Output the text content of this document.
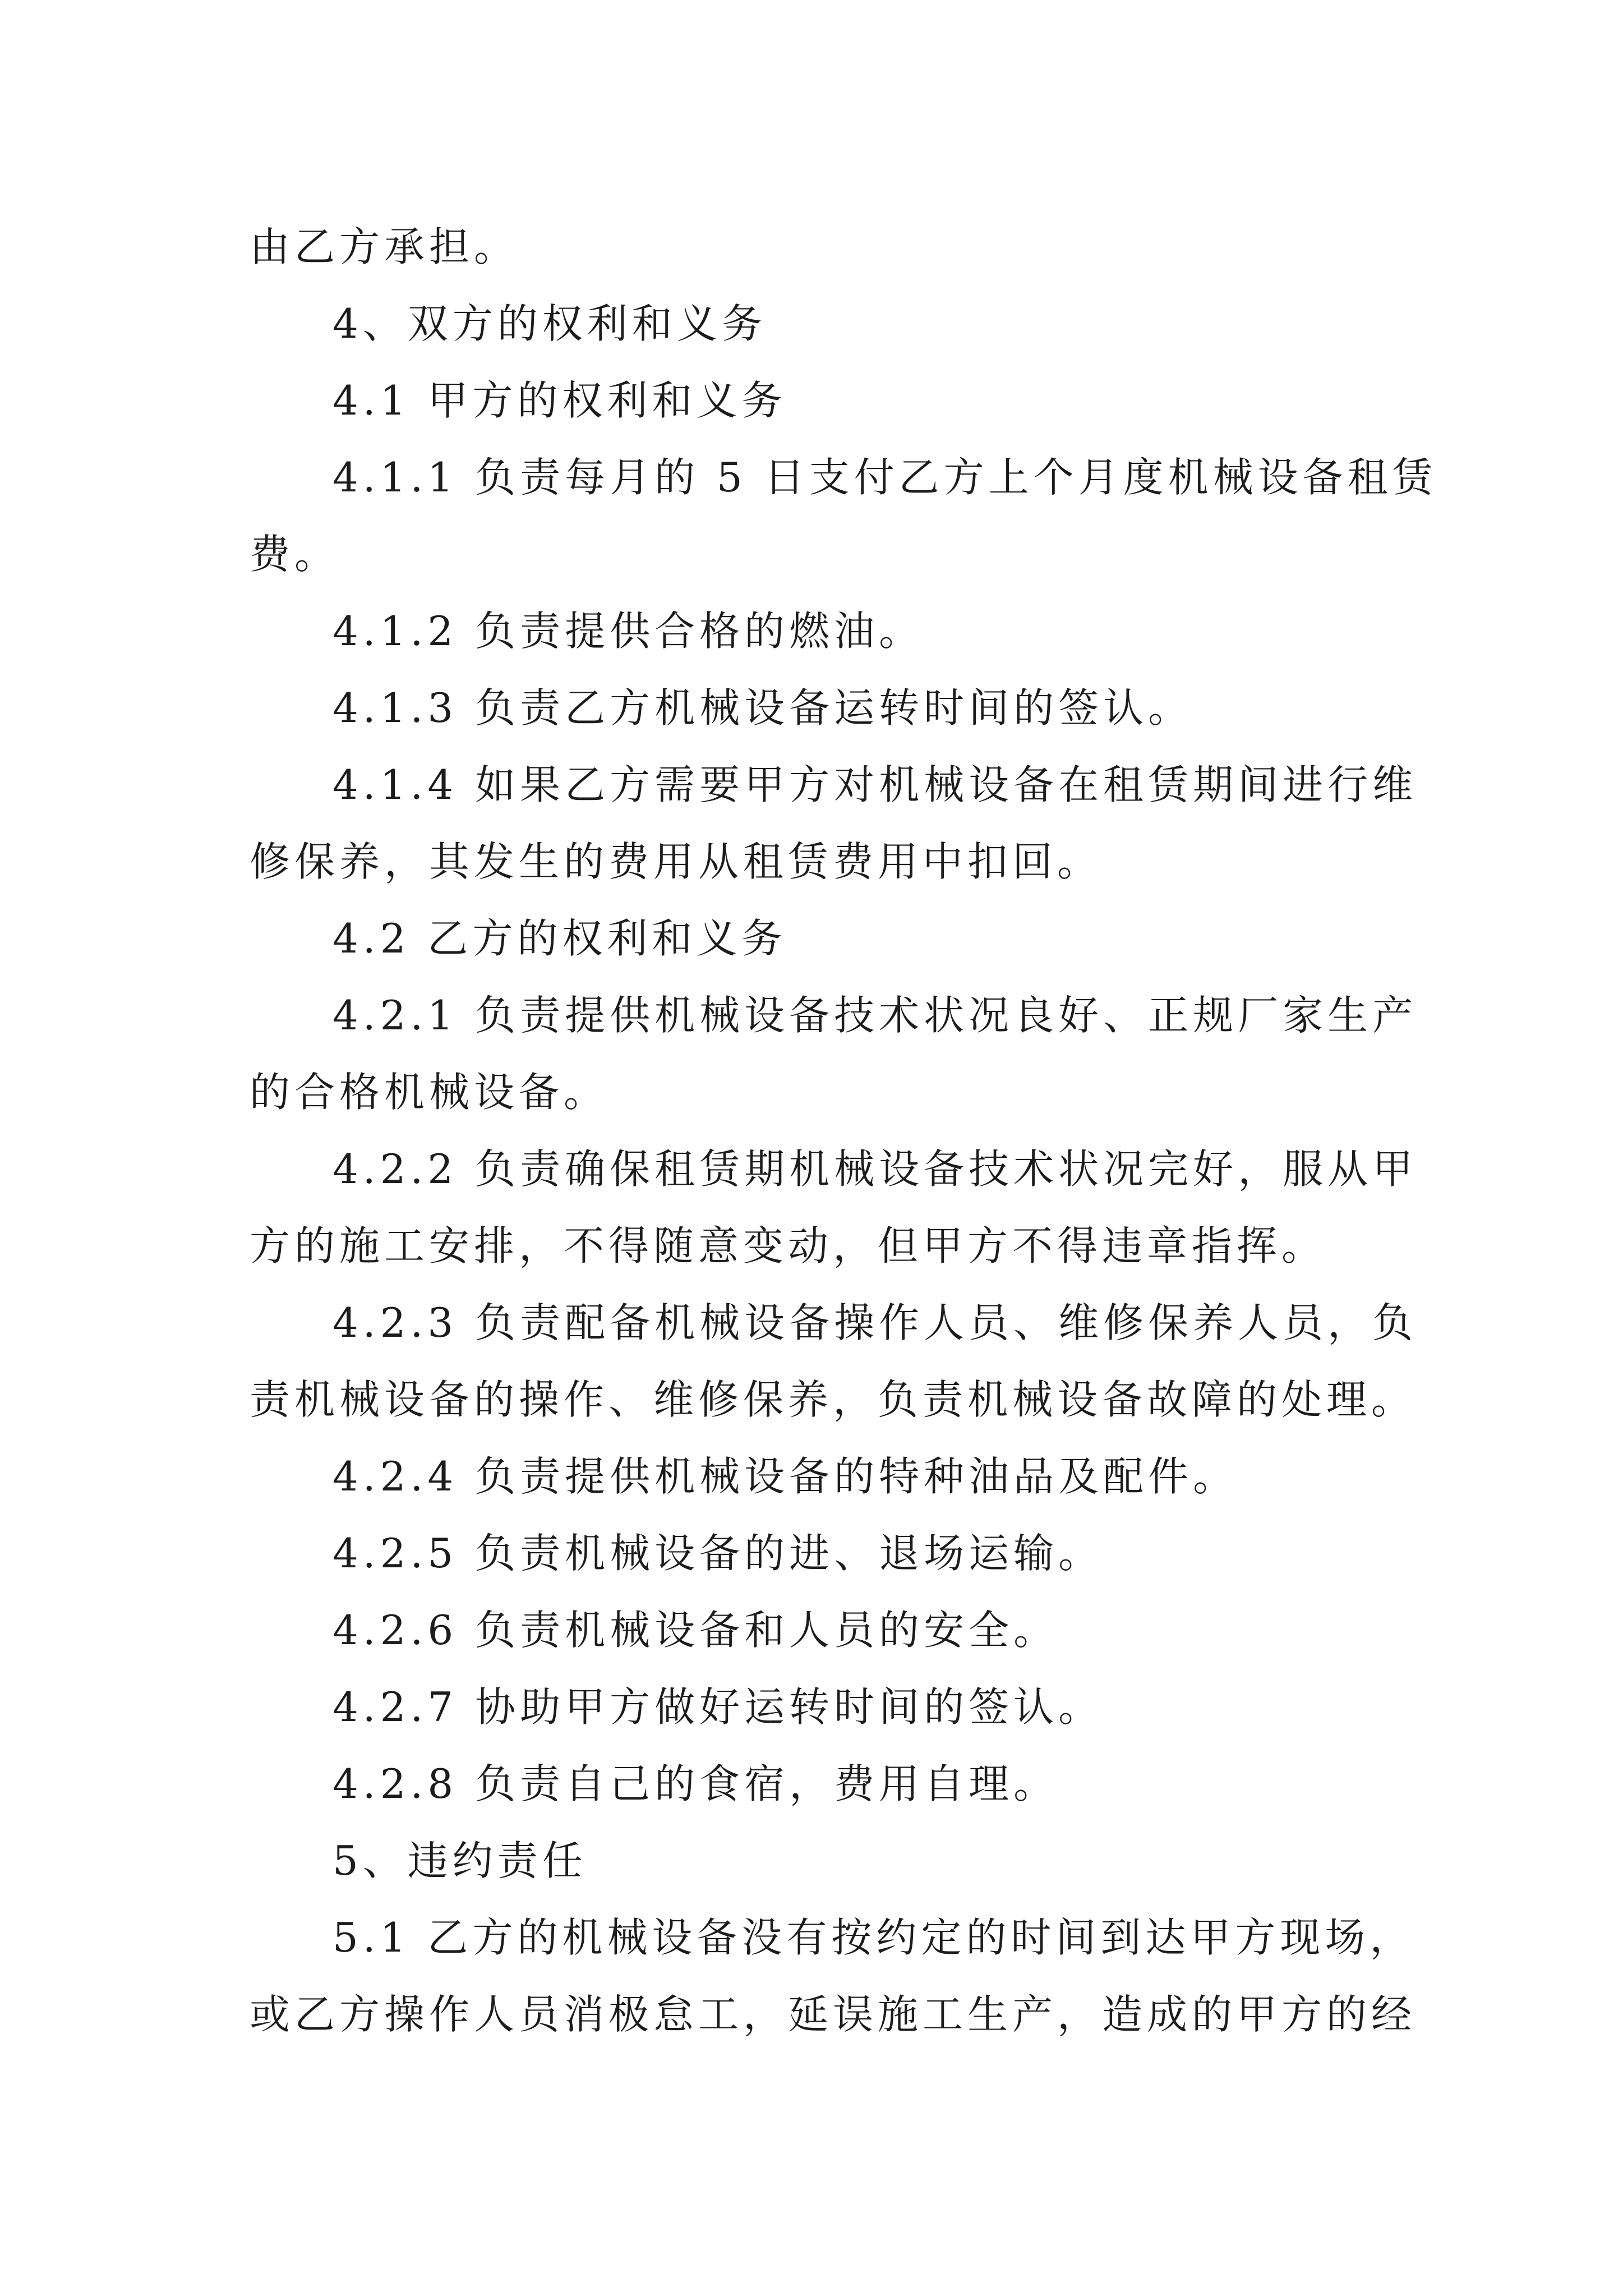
由乙方承担。

4、双方的权利和义务

4.1 甲方的权利和义务

4.1.1 负责每月的 5 日支付乙方上个月度机械设备租赁

费。

4.1.2 负责提供合格的燃油。

4.1.3 负责乙方机械设备运转时间的签认。

4.1.4 如果乙方需要甲方对机械设备在租赁期间进行维

修保养，其发生的费用从租赁费用中扣回。

4.2 乙方的权利和义务

4.2.1 负责提供机械设备技术状况良好、正规厂家生产

的合格机械设备。

4.2.2 负责确保租赁期机械设备技术状况完好，服从甲

方的施工安排，不得随意变动，但甲方不得违章指挥。

4.2.3 负责配备机械设备操作人员、维修保养人员，负

责机械设备的操作、维修保养，负责机械设备故障的处理。

4.2.4 负责提供机械设备的特种油品及配件。

4.2.5 负责机械设备的进、退场运输。

4.2.6 负责机械设备和人员的安全。

4.2.7 协助甲方做好运转时间的签认。

4.2.8 负责自己的食宿，费用自理。

5、违约责任

5.1 乙方的机械设备没有按约定的时间到达甲方现场，

或乙方操作人员消极怠工，延误施工生产，造成的甲方的经
